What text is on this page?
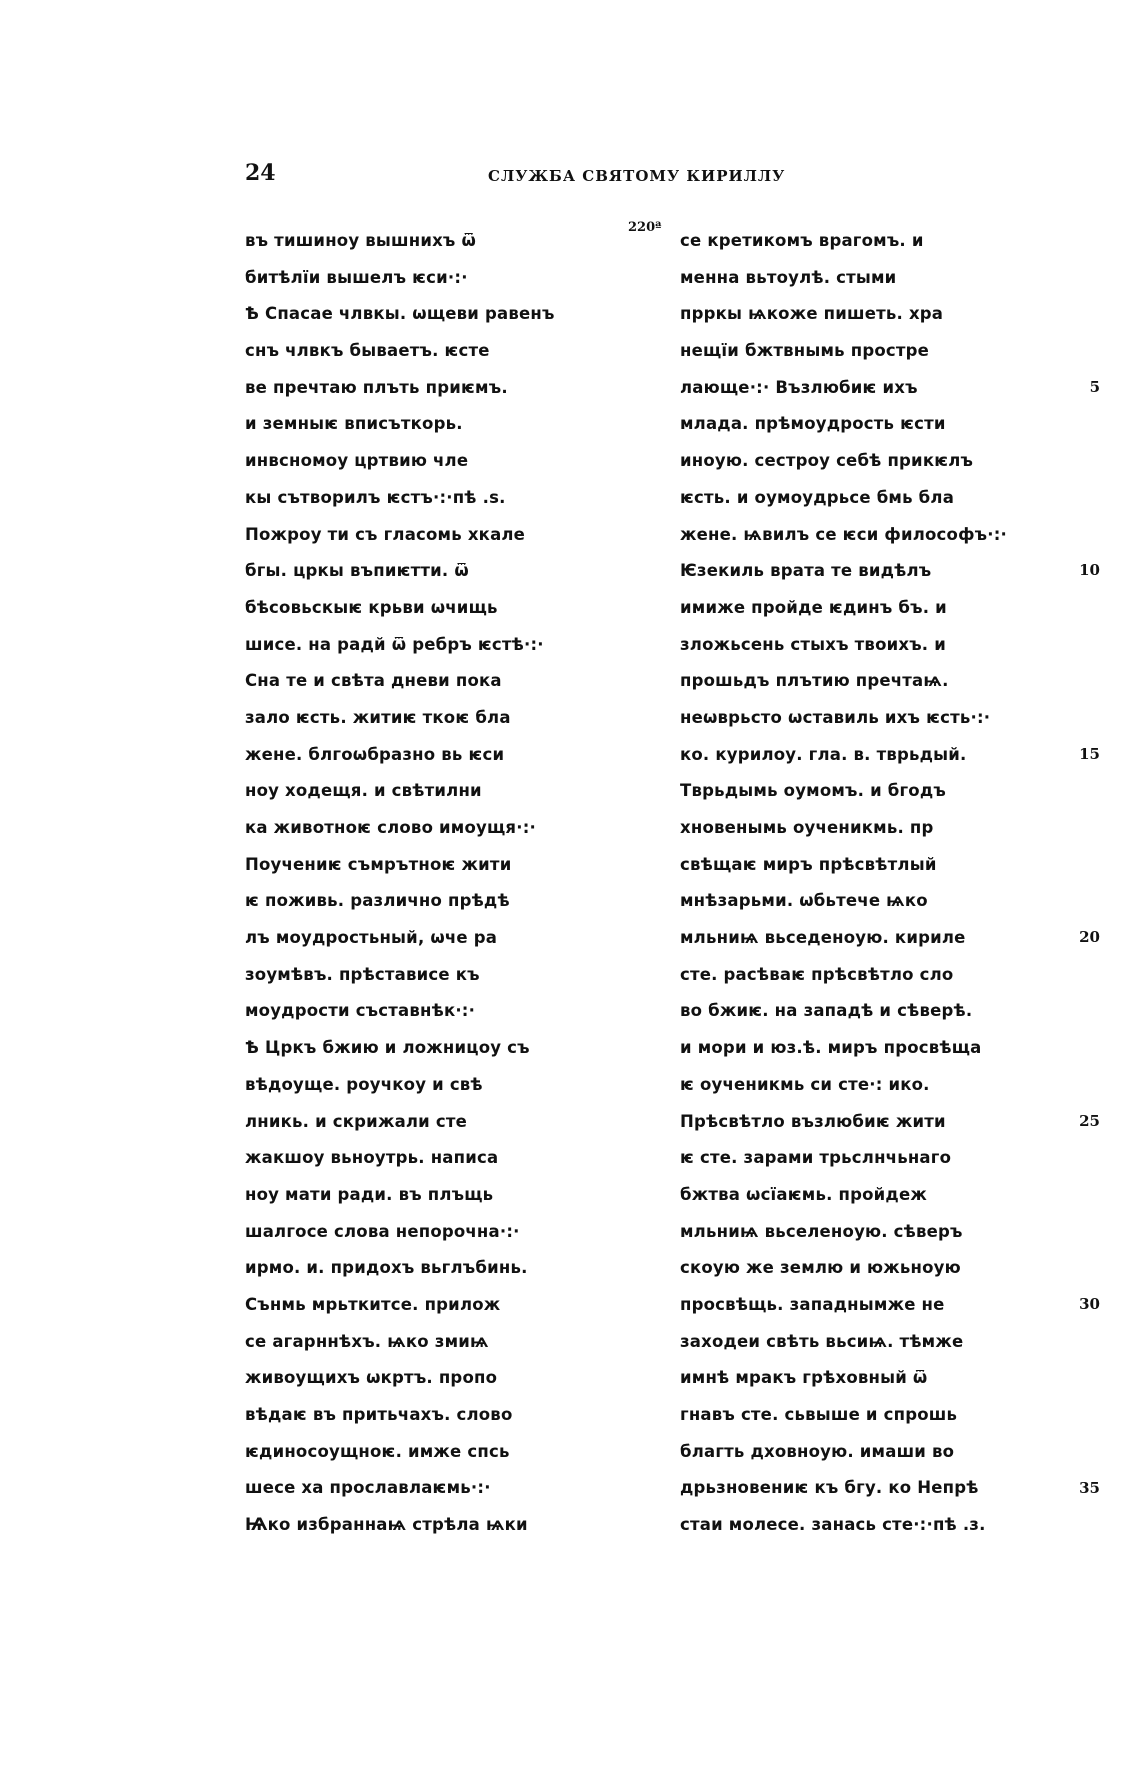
24	СЛУЖБА СВЯТОМУ КИРИЛЛУ
220ª
въ тишиноу вышнихъ ѿ
битѣлїи вышелъ ѥси·:·
Ѣ Спасае члвкы. ѡщеви равенъ
снъ члвкъ бываетъ. ѥсте
ве пречтаю плъть приѥмъ.
и земныѥ вписъткорь.
инвсномоу цртвию чле
кы сътворилъ ѥстъ·:·пѣ .ѕ.
Пожроу ти съ гласомь хкале
бгы. цркы въпиѥтти. ѿ
бѣсовьскыѥ крьви ѡчищь
шисе. на радй ѿ ребръ ѥстѣ·:·
Сна те и свѣта дневи пока
зало ѥсть. житиѥ ткоѥ бла
жене. блгоѡбразно вь ѥси
ноу ходещя. и свѣтилни
ка животноѥ слово имоущя·:·
Поучениѥ съмрътноѥ жити
ѥ поживь. различно прѣдѣ
лъ моудростьный, ѡче ра
зоумѣвъ. прѣстависе къ
моудрости съставнѣк·:·
Ѣ Цркъ бжию и ложницоу съ
вѣдоуще. роучкоу и свѣ
лникь. и скрижали сте
жакшоу вьноутрь. написа
ноу мати ради. въ плъщь
шалгосе слова непорочна·:·
ирмо. и. придохъ вьглъбинь.
Сънмь мрьткитсе. прилож
се агарннѣхъ. ѩко змиѩ
живоущихъ ѡкртъ. пропо
вѣдаѥ въ притьчахъ. слово
ѥдиносоущноѥ. имже спсь
шесе ха прославлаѥмь·:·
Ѩко избраннаѩ стрѣла ѩки
се кретикомъ врагомъ. и
менна вьтоулѣ. стыми
прркы ѩкоже пишеть. хра
нещїи бжтвнымь простре
лающе·:· Възлюбиѥ ихъ
млада. прѣмоудрость ѥсти
иноую. сестроу себѣ прикѥлъ
ѥсть. и оумоудрьсе бмь бла
жене. ѩвилъ се ѥси философъ·:·
Ѥзекиль врата те видѣлъ
имиже пройде ѥдинъ бъ. и
зложьсень стыхъ твоихъ. и
прошьдъ плътию пречтаѩ.
неѡврьсто ѡставиль ихъ ѥсть·:·
ко. курилоу. гла. в. тврьдый.
Тврьдымь оумомъ. и бгодъ
хновенымь оученикмь. пр
свѣщаѥ миръ прѣсвѣтлый
мнѣзарьми. ѡбьтече ѩко
мльниѩ вьседеноую. кириле
сте. расѣваѥ прѣсвѣтло сло
во бжиѥ. на западѣ и сѣверѣ.
и мори и юз.ѣ. миръ просвѣща
ѥ оученикмь си сте·: ико.
Прѣсвѣтло възлюбиѥ жити
ѥ сте. зарами трьслнчьнаго
бжтва ѡсїаѥмь. пройдеж
мльниѩ вьселеноую. сѣверъ
скоую же землю и южьноую
просвѣщь. западнымже не
заходеи свѣть вьсиѩ. тѣмже
имнѣ мракъ грѣховный ѿ
гнавъ сте. сьвыше и спрошь
благть дховноую. имаши во
дрьзновениѥ къ бгу. ко Непрѣ
стаи молесе. занась сте·:·пѣ .з.
5
10
15
20
25
30
35
